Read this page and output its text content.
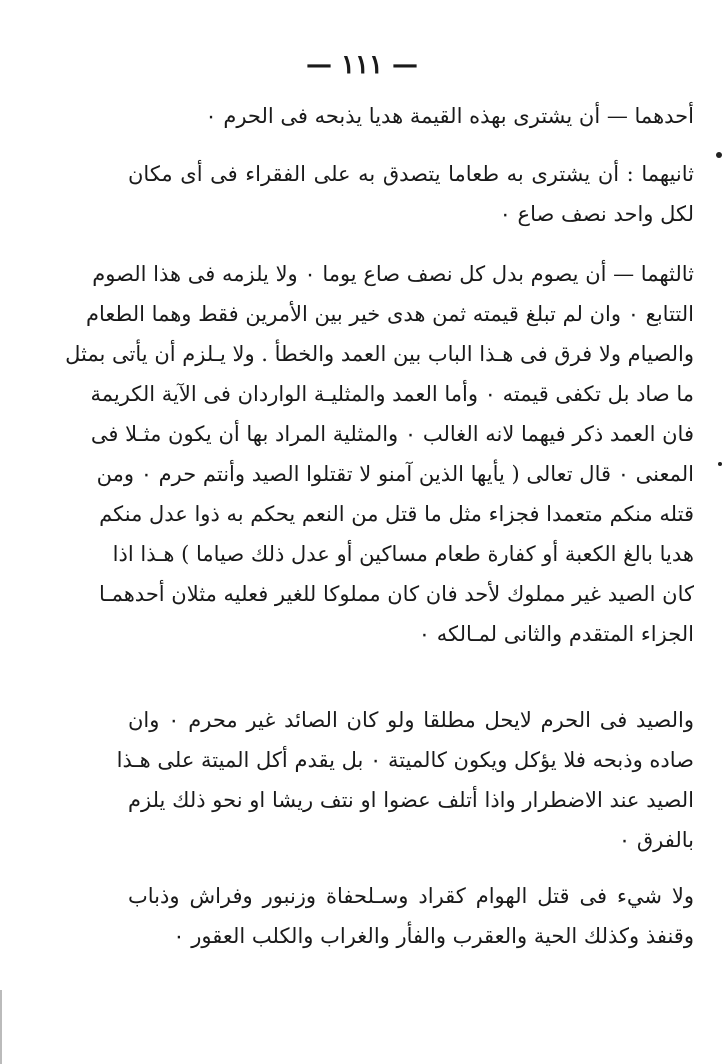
— ١١١ —
أحدهما — أن يشترى بهذه القيمة هديا يذبحه فى الحرم ٠
ثانيهما : أن يشترى به طعاما يتصدق به على الفقراء فى أى مكان
لكل واحد نصف صاع ٠
ثالثهما — أن يصوم بدل كل نصف صاع يوما ٠ ولا يلزمه فى هذا الصوم
التتابع ٠ وان لم تبلغ قيمته ثمن هدى خير بين الأمرين فقط وهما الطعام
والصيام ولا فرق فى هـذا الباب بين العمد والخطأ . ولا يـلزم أن يأتى بمثل
ما صاد بل تكفى قيمته ٠ وأما العمد والمثليـة الواردان فى الآية الكريمة
فان العمد ذكر فيهما لانه الغالب ٠ والمثلية المراد بها أن يكون مثـلا فى
المعنى ٠ قال تعالى ( يأيها الذين آمنو لا تقتلوا الصيد وأنتم حرم ٠ ومن
قتله منكم متعمدا فجزاء مثل ما قتل من النعم يحكم به ذوا عدل منكم
هديا بالغ الكعبة أو كفارة طعام مساكين أو عدل ذلك صياما ) هـذا اذا
كان الصيد غير مملوك لأحد فان كان مملوكا للغير فعليه مثلان أحدهمـا
الجزاء المتقدم والثانى لمـالكه ٠
والصيد فى الحرم لايحل مطلقا ولو كان الصائد غير محرم ٠ وان
صاده وذبحه فلا يؤكل ويكون كالميتة ٠ بل يقدم أكل الميتة على هـذا
الصيد عند الاضطرار واذا أتلف عضوا او نتف ريشا او نحو ذلك يلزم
بالفرق ٠
ولا شيء فى قتل الهوام كقراد وسـلحفاة وزنبور وفراش وذباب
وقنفذ وكذلك الحية والعقرب والفأر والغراب والكلب العقور ٠
